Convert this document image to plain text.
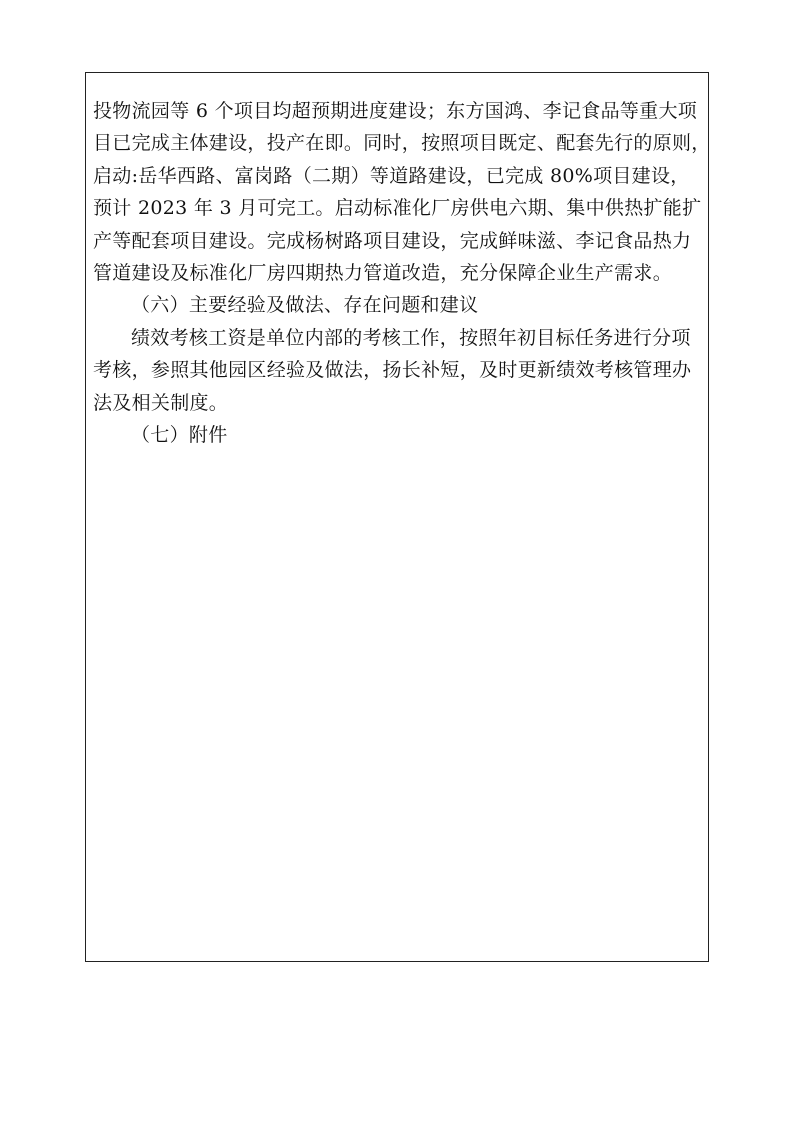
投物流园等 6 个项目均超预期进度建设；东方国鸿、李记食品等重大项
目已完成主体建设，投产在即。同时，按照项目既定、配套先行的原则，
启动:岳华西路、富岗路（二期）等道路建设，已完成 80%项目建设，
预计 2023 年 3 月可完工。启动标准化厂房供电六期、集中供热扩能扩
产等配套项目建设。完成杨树路项目建设，完成鲜味滋、李记食品热力
管道建设及标准化厂房四期热力管道改造，充分保障企业生产需求。
（六）主要经验及做法、存在问题和建议
绩效考核工资是单位内部的考核工作，按照年初目标任务进行分项
考核，参照其他园区经验及做法，扬长补短，及时更新绩效考核管理办
法及相关制度。
（七）附件
